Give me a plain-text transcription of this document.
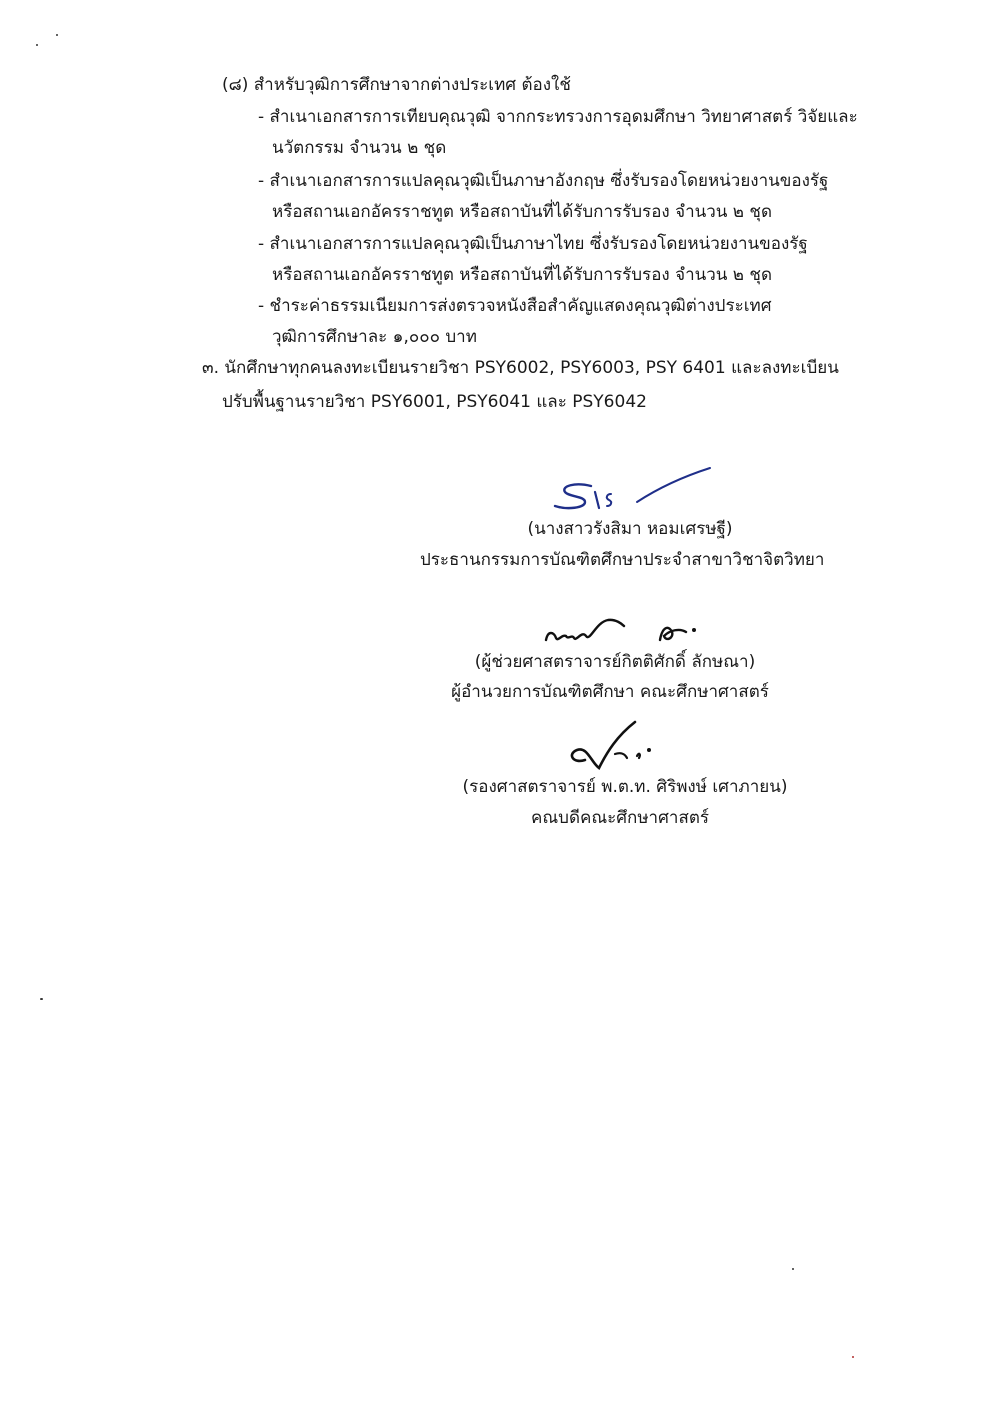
(๘) สำหรับวุฒิการศึกษาจากต่างประเทศ ต้องใช้
- สำเนาเอกสารการเทียบคุณวุฒิ จากกระทรวงการอุดมศึกษา วิทยาศาสตร์ วิจัยและ
นวัตกรรม จำนวน ๒ ชุด
- สำเนาเอกสารการแปลคุณวุฒิเป็นภาษาอังกฤษ ซึ่งรับรองโดยหน่วยงานของรัฐ
หรือสถานเอกอัครราชทูต หรือสถาบันที่ได้รับการรับรอง จำนวน ๒ ชุด
- สำเนาเอกสารการแปลคุณวุฒิเป็นภาษาไทย ซึ่งรับรองโดยหน่วยงานของรัฐ
หรือสถานเอกอัครราชทูต หรือสถาบันที่ได้รับการรับรอง จำนวน ๒ ชุด
- ชำระค่าธรรมเนียมการส่งตรวจหนังสือสำคัญแสดงคุณวุฒิต่างประเทศ
วุฒิการศึกษาละ ๑,๐๐๐ บาท
๓. นักศึกษาทุกคนลงทะเบียนรายวิชา PSY6002, PSY6003, PSY 6401 และลงทะเบียน
ปรับพื้นฐานรายวิชา PSY6001, PSY6041 และ PSY6042
(นางสาวรังสิมา หอมเศรษฐี)
ประธานกรรมการบัณฑิตศึกษาประจำสาขาวิชาจิตวิทยา
(ผู้ช่วยศาสตราจารย์กิตติศักดิ์ ลักษณา)
ผู้อำนวยการบัณฑิตศึกษา คณะศึกษาศาสตร์
(รองศาสตราจารย์ พ.ต.ท. ศิริพงษ์ เศาภายน)
คณบดีคณะศึกษาศาสตร์
